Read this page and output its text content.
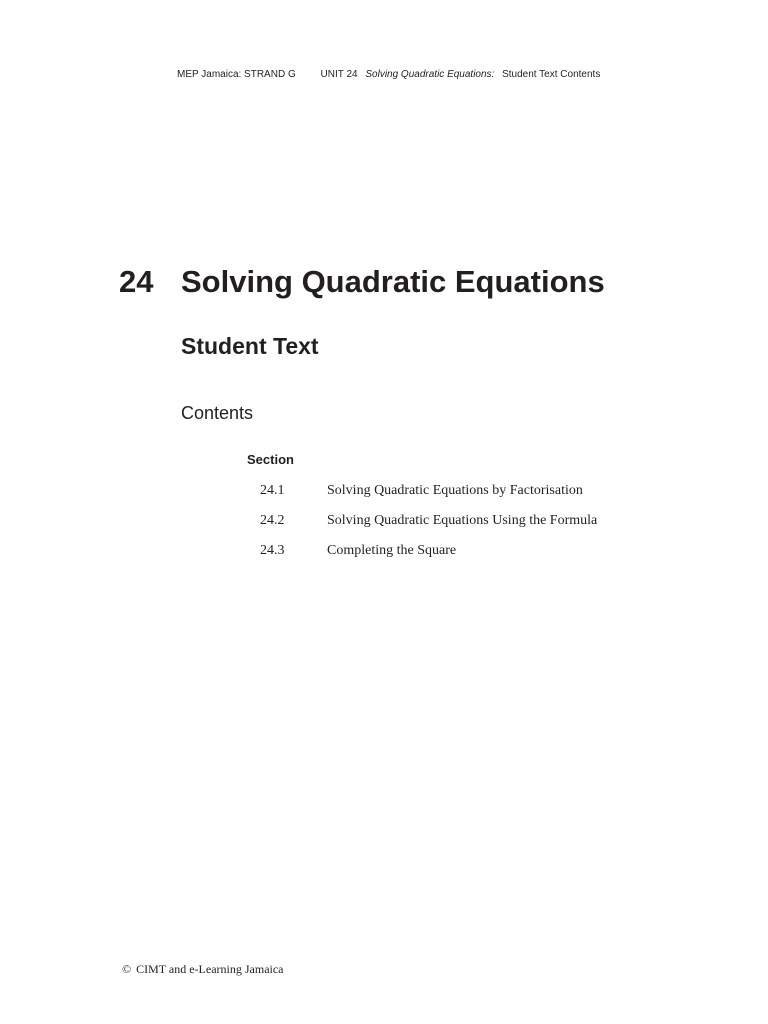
MEP Jamaica: STRAND G UNIT 24 Solving Quadratic Equations: Student Text Contents
24 Solving Quadratic Equations
Student Text
Contents
Section
24.1	Solving Quadratic Equations by Factorisation
24.2	Solving Quadratic Equations Using the Formula
24.3	Completing the Square
© CIMT and e-Learning Jamaica
